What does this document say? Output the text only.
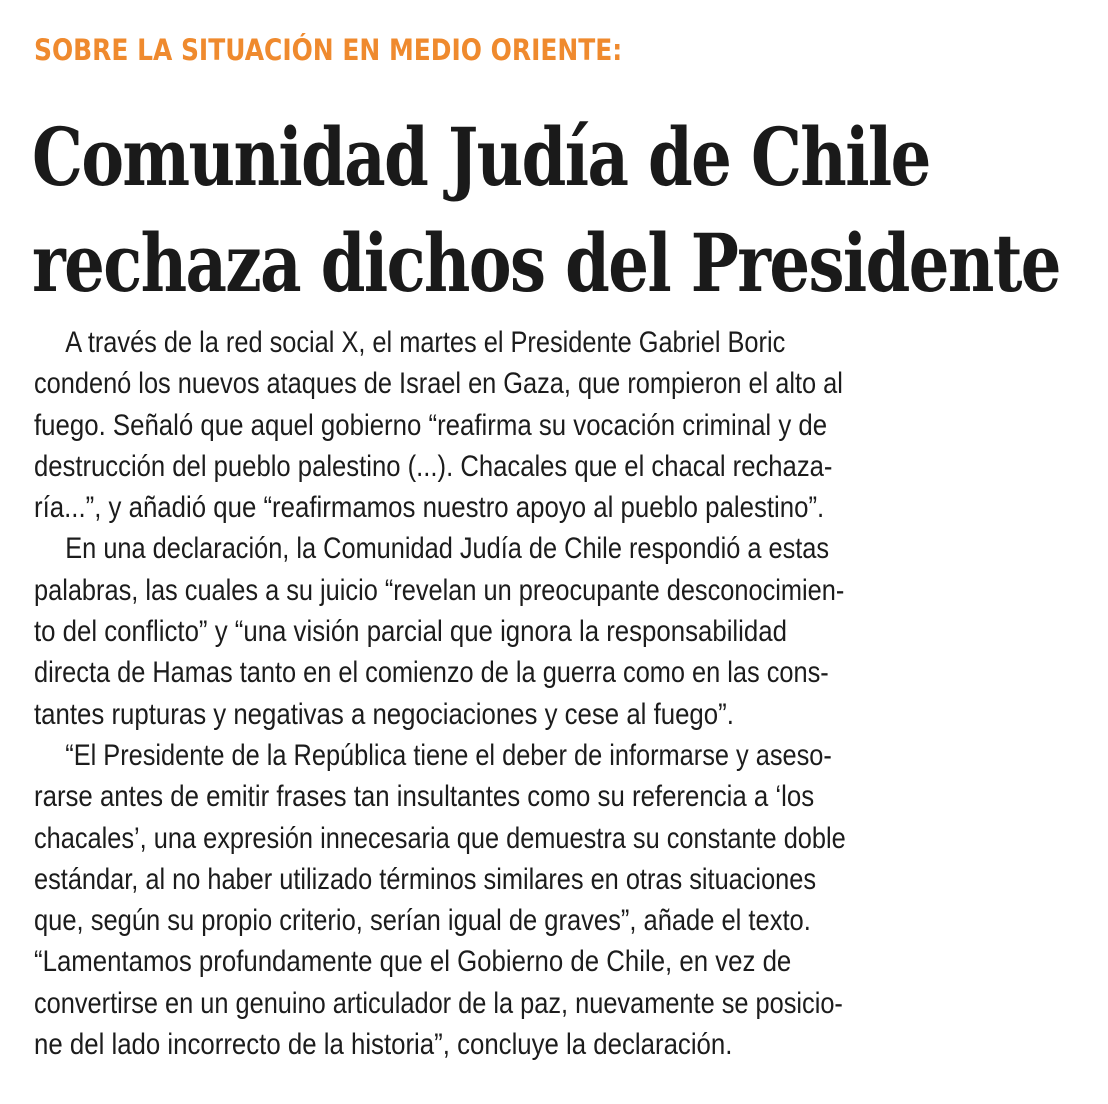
SOBRE LA SITUACIÓN EN MEDIO ORIENTE:
Comunidad Judía de Chile
rechaza dichos del Presidente
A través de la red social X, el martes el Presidente Gabriel Boric
condenó los nuevos ataques de Israel en Gaza, que rompieron el alto al
fuego. Señaló que aquel gobierno “reafirma su vocación criminal y de
destrucción del pueblo palestino (...). Chacales que el chacal rechaza-
ría...”, y añadió que “reafirmamos nuestro apoyo al pueblo palestino”.
En una declaración, la Comunidad Judía de Chile respondió a estas
palabras, las cuales a su juicio “revelan un preocupante desconocimien-
to del conflicto” y “una visión parcial que ignora la responsabilidad
directa de Hamas tanto en el comienzo de la guerra como en las cons-
tantes rupturas y negativas a negociaciones y cese al fuego”.
“El Presidente de la República tiene el deber de informarse y aseso-
rarse antes de emitir frases tan insultantes como su referencia a ‘los
chacales’, una expresión innecesaria que demuestra su constante doble
estándar, al no haber utilizado términos similares en otras situaciones
que, según su propio criterio, serían igual de graves”, añade el texto.
“Lamentamos profundamente que el Gobierno de Chile, en vez de
convertirse en un genuino articulador de la paz, nuevamente se posicio-
ne del lado incorrecto de la historia”, concluye la declaración.
